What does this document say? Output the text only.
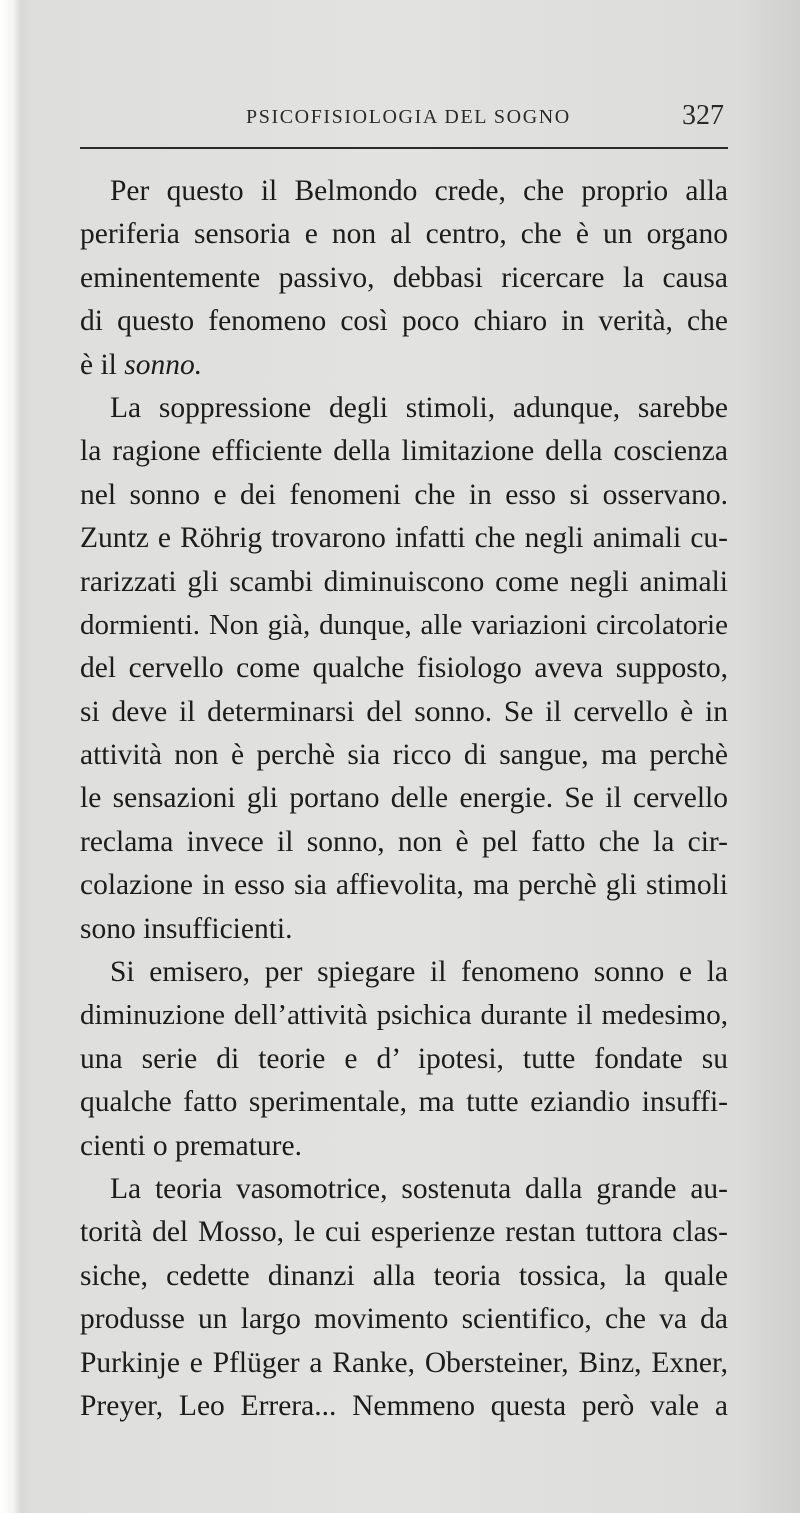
PSICOFISIOLOGIA DEL SOGNO	327
Per questo il Belmondo crede, che proprio alla
periferia sensoria e non al centro, che è un organo
eminentemente passivo, debbasi ricercare la causa
di questo fenomeno così poco chiaro in verità, che
è il sonno.
La soppressione degli stimoli, adunque, sarebbe
la ragione efficiente della limitazione della coscienza
nel sonno e dei fenomeni che in esso si osservano.
Zuntz e Röhrig trovarono infatti che negli animali cu-
rarizzati gli scambi diminuiscono come negli animali
dormienti. Non già, dunque, alle variazioni circolatorie
del cervello come qualche fisiologo aveva supposto,
si deve il determinarsi del sonno. Se il cervello è in
attività non è perchè sia ricco di sangue, ma perchè
le sensazioni gli portano delle energie. Se il cervello
reclama invece il sonno, non è pel fatto che la cir-
colazione in esso sia affievolita, ma perchè gli stimoli
sono insufficienti.
Si emisero, per spiegare il fenomeno sonno e la
diminuzione dell’attività psichica durante il medesimo,
una serie di teorie e d’ ipotesi, tutte fondate su
qualche fatto sperimentale, ma tutte eziandio insuffi-
cienti o premature.
La teoria vasomotrice, sostenuta dalla grande au-
torità del Mosso, le cui esperienze restan tuttora clas-
siche, cedette dinanzi alla teoria tossica, la quale
produsse un largo movimento scientifico, che va da
Purkinje e Pflüger a Ranke, Obersteiner, Binz, Exner,
Preyer, Leo Errera... Nemmeno questa però vale a
